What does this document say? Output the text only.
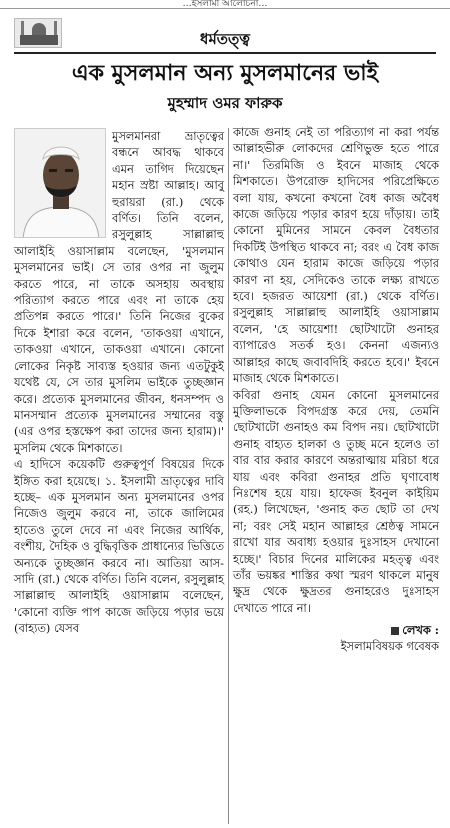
…ইসলামী আলোচনা…
ধর্মতত্ত্ব
এক মুসলমান অন্য মুসলমানের ভাই
মুহম্মাদ ওমর ফারুক

মুসলমানরা ভ্রাতৃত্বের বন্ধনে আবদ্ধ থাকবে এমন তাগিদ দিয়েছেন মহান স্রষ্টা আল্লাহ। আবু হুরায়রা (রা.) থেকে বর্ণিত। তিনি বলেন, রসুলুল্লাহ সাল্লাল্লাহু আলাইহি ওয়াসাল্লাম বলেছেন, 'মুসলমান মুসলমানের ভাই। সে তার ওপর না জুলুম করতে পারে, না তাকে অসহায় অবস্থায় পরিত্যাগ করতে পারে এবং না তাকে হেয় প্রতিপন্ন করতে পারে।' তিনি নিজের বুকের দিকে ইশারা করে বলেন, 'তাকওয়া এখানে, তাকওয়া এখানে, তাকওয়া এখানে। কোনো লোকের নিকৃষ্ট সাব্যস্ত হওয়ার জন্য এতটুকুই যথেষ্ট যে, সে তার মুসলিম ভাইকে তুচ্ছজ্ঞান করে। প্রত্যেক মুসলমানের জীবন, ধনসম্পদ ও মানসম্মান প্রত্যেক মুসলমানের সম্মানের বস্তু (এর ওপর হস্তক্ষেপ করা তাদের জন্য হারাম)।' মুসলিম থেকে মিশকাতে।

এ হাদিসে কয়েকটি গুরুত্বপূর্ণ বিষয়ের দিকে ইঙ্গিত করা হয়েছে। ১. ইসলামী ভ্রাতৃত্বের দাবি হচ্ছে– এক মুসলমান অন্য মুসলমানের ওপর নিজেও জুলুম করবে না, তাকে জালিমের হাতেও তুলে দেবে না এবং নিজের আর্থিক, বংশীয়, দৈহিক ও বুদ্ধিবৃত্তিক প্রাধান্যের ভিত্তিতে অন্যকে তুচ্ছজ্ঞান করবে না। আতিয়া আস-সাদি (রা.) থেকে বর্ণিত। তিনি বলেন, রসুলুল্লাহ সাল্লাল্লাহু আলাইহি ওয়াসাল্লাম বলেছেন, 'কোনো ব্যক্তি পাপ কাজে জড়িয়ে পড়ার ভয়ে (বাহ্যত) যেসব

কাজে গুনাহ নেই তা পরিত্যাগ না করা পর্যন্ত আল্লাহভীরু লোকদের শ্রেণিভুক্ত হতে পারে না।' তিরমিজি ও ইবনে মাজাহ থেকে মিশকাতে। উপরোক্ত হাদিসের পরিপ্রেক্ষিতে বলা যায়, কখনো কখনো বৈধ কাজ অবৈধ কাজে জড়িয়ে পড়ার কারণ হয়ে দাঁড়ায়। তাই কোনো মুমিনের সামনে কেবল বৈধতার দিকটিই উপস্থিত থাকবে না; বরং এ বৈধ কাজ কোথাও যেন হারাম কাজে জড়িয়ে পড়ার কারণ না হয়, সেদিকেও তাকে লক্ষ্য রাখতে হবে। হজরত আয়েশা (রা.) থেকে বর্ণিত। রসুলুল্লাহ সাল্লাল্লাহু আলাইহি ওয়াসাল্লাম বলেন, 'হে আয়েশা! ছোটখাটো গুনাহর ব্যাপারেও সতর্ক হও। কেননা এজন্যও আল্লাহর কাছে জবাবদিহি করতে হবে।' ইবনে মাজাহ থেকে মিশকাতে।

কবিরা গুনাহ যেমন কোনো মুসলমানের মুক্তিলাভকে বিপদগ্রস্ত করে দেয়, তেমনি ছোটখাটো গুনাহও কম বিপদ নয়। ছোটখাটো গুনাহ বাহ্যত হালকা ও তুচ্ছ মনে হলেও তা বার বার করার কারণে অন্তরাত্মায় মরিচা ধরে যায় এবং কবিরা গুনাহর প্রতি ঘৃণাবোধ নিঃশেষ হয়ে যায়। হাফেজ ইবনুল কাইয়িম (রহ.) লিখেছেন, 'গুনাহ কত ছোট তা দেখ না; বরং সেই মহান আল্লাহর শ্রেষ্ঠত্ব সামনে রাখো যার অবাধ্য হওয়ার দুঃসাহস দেখানো হচ্ছে।' বিচার দিনের মালিকের মহত্ত্ব এবং তাঁর ভয়ঙ্কর শাস্তির কথা স্মরণ থাকলে মানুষ ক্ষুদ্র থেকে ক্ষুদ্রতর গুনাহরেও দুঃসাহস দেখাতে পারে না।

লেখক :
ইসলামবিষয়ক গবেষক
